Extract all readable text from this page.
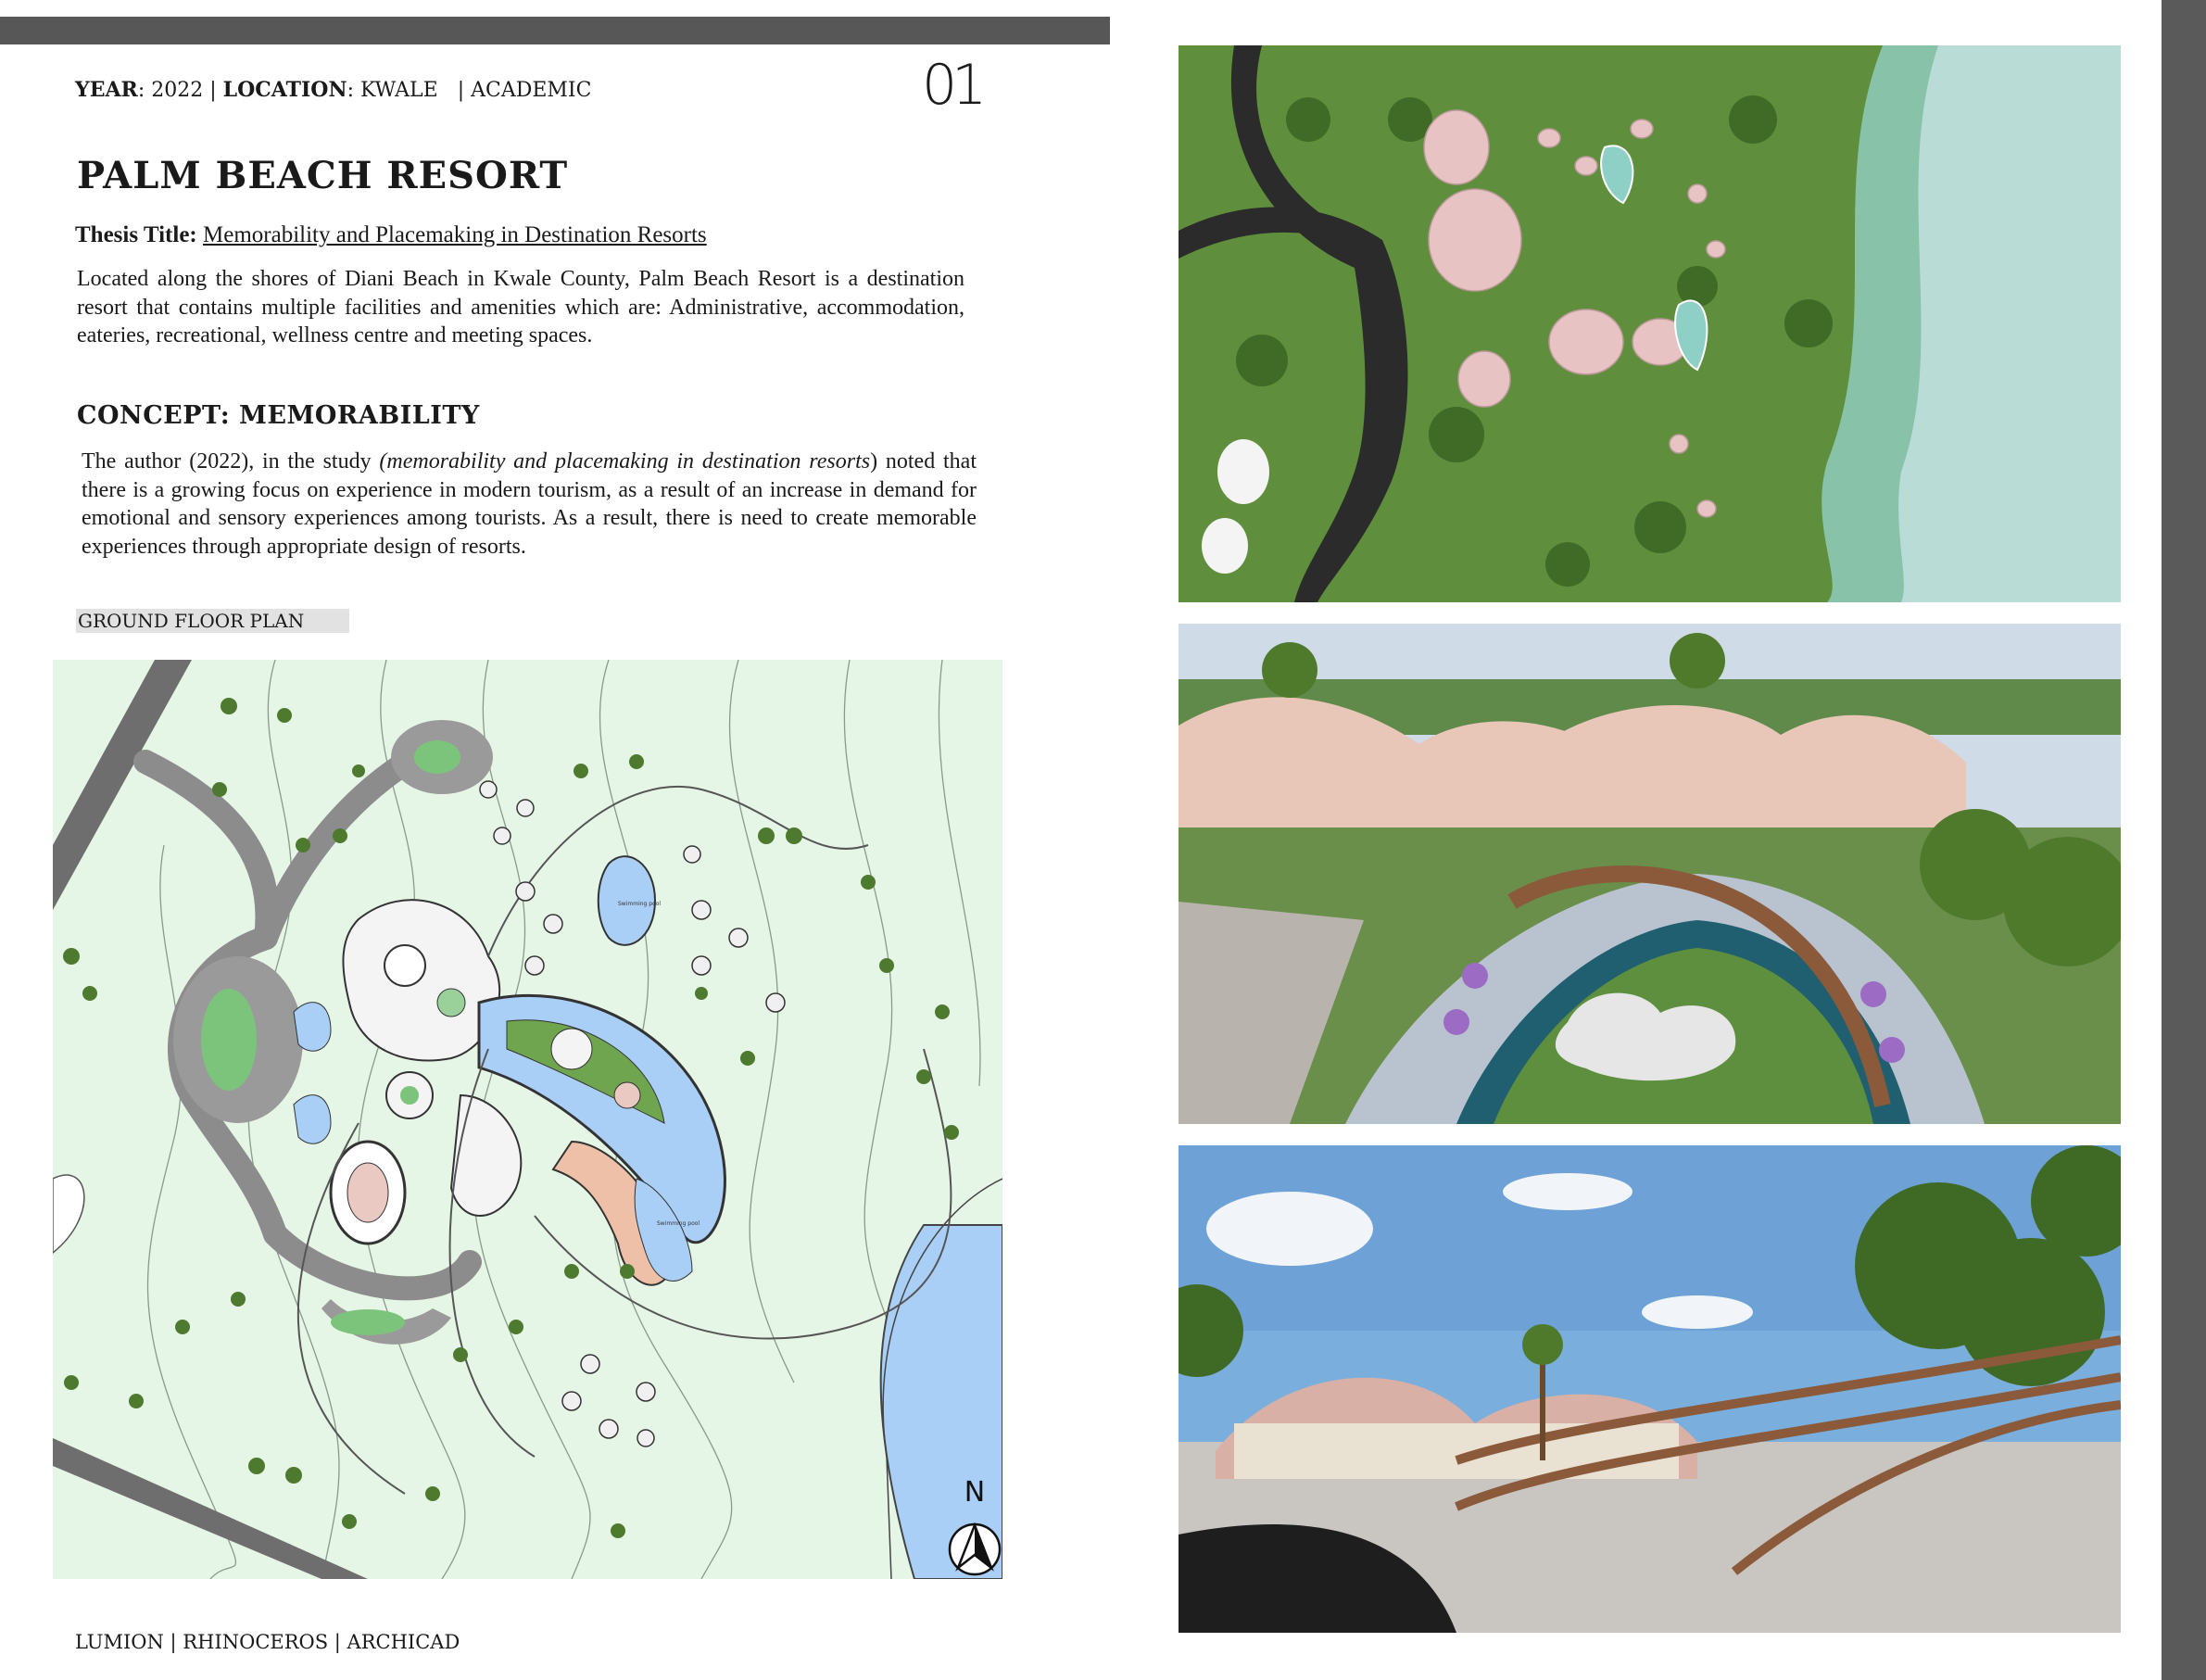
YEAR: 2022 | LOCATION: KWALE   | ACADEMIC	01
PALM BEACH RESORT
Thesis Title: Memorability and Placemaking in Destination Resorts
Located along the shores of Diani Beach in Kwale County, Palm Beach Resort is a destination resort that contains multiple facilities and amenities which are: Administrative, accommodation, eateries, recreational, wellness centre and meeting spaces.
CONCEPT: MEMORABILITY
The author (2022), in the study (memorability and placemaking in destination resorts) noted that there is a growing focus on experience in modern tourism, as a result of an increase in demand for emotional and sensory experiences among tourists. As a result, there is need to create memorable experiences through appropriate design of resorts.
GROUND FLOOR PLAN
Swimming pool
Swimming pool
N
LUMION | RHINOCEROS | ARCHICAD
